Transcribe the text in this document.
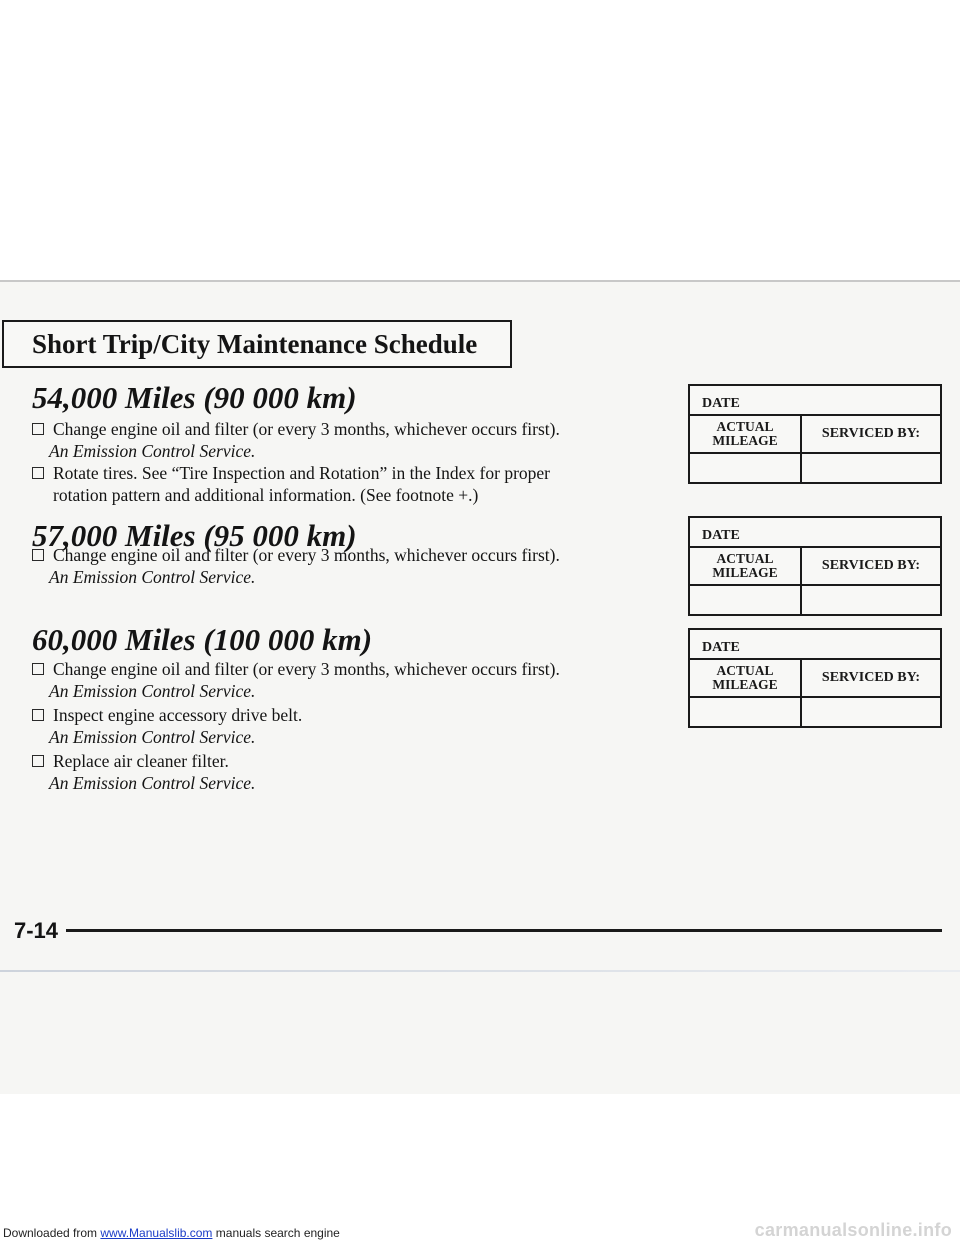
Short Trip/City Maintenance Schedule
54,000 Miles (90 000 km)
Change engine oil and filter (or every 3 months, whichever occurs first).
An Emission Control Service.
Rotate tires. See “Tire Inspection and Rotation” in the Index for proper
rotation pattern and additional information. (See footnote +.)
57,000 Miles (95 000 km)
Change engine oil and filter (or every 3 months, whichever occurs first).
An Emission Control Service.
60,000 Miles (100 000 km)
Change engine oil and filter (or every 3 months, whichever occurs first).
An Emission Control Service.
Inspect engine accessory drive belt.
An Emission Control Service.
Replace air cleaner filter.
An Emission Control Service.
DATE
ACTUAL
MILEAGE	SERVICED BY:
DATE
ACTUAL
MILEAGE	SERVICED BY:
DATE
ACTUAL
MILEAGE	SERVICED BY:
7-14
Downloaded from www.Manualslib.com manuals search engine	carmanualsonline.info
